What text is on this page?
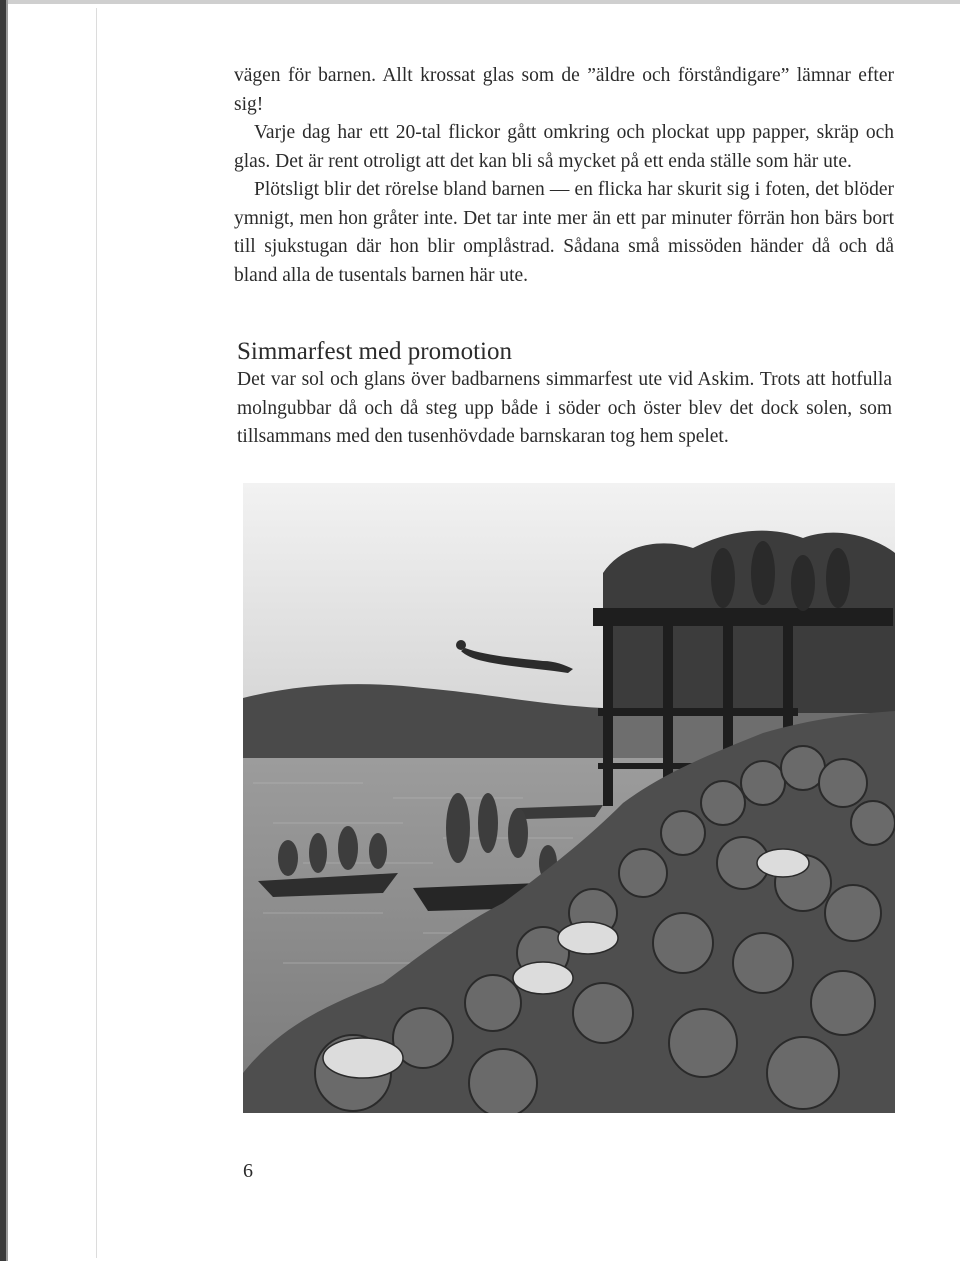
vägen för barnen. Allt krossat glas som de ”äldre och förståndigare” lämnar efter sig!

Varje dag har ett 20-tal flickor gått omkring och plockat upp papper, skräp och glas. Det är rent otroligt att det kan bli så mycket på ett enda ställe som här ute.

Plötsligt blir det rörelse bland barnen — en flicka har skurit sig i foten, det blöder ymnigt, men hon gråter inte. Det tar inte mer än ett par minuter förrän hon bärs bort till sjukstugan där hon blir omplåstrad. Sådana små missöden händer då och då bland alla de tusentals barnen här ute.

Simmarfest med promotion

Det var sol och glans över badbarnens simmarfest ute vid Askim. Trots att hotfulla molngubbar då och då steg upp både i söder och öster blev det dock solen, som tillsammans med den tusenhövdade barnskaran tog hem spelet.

6
